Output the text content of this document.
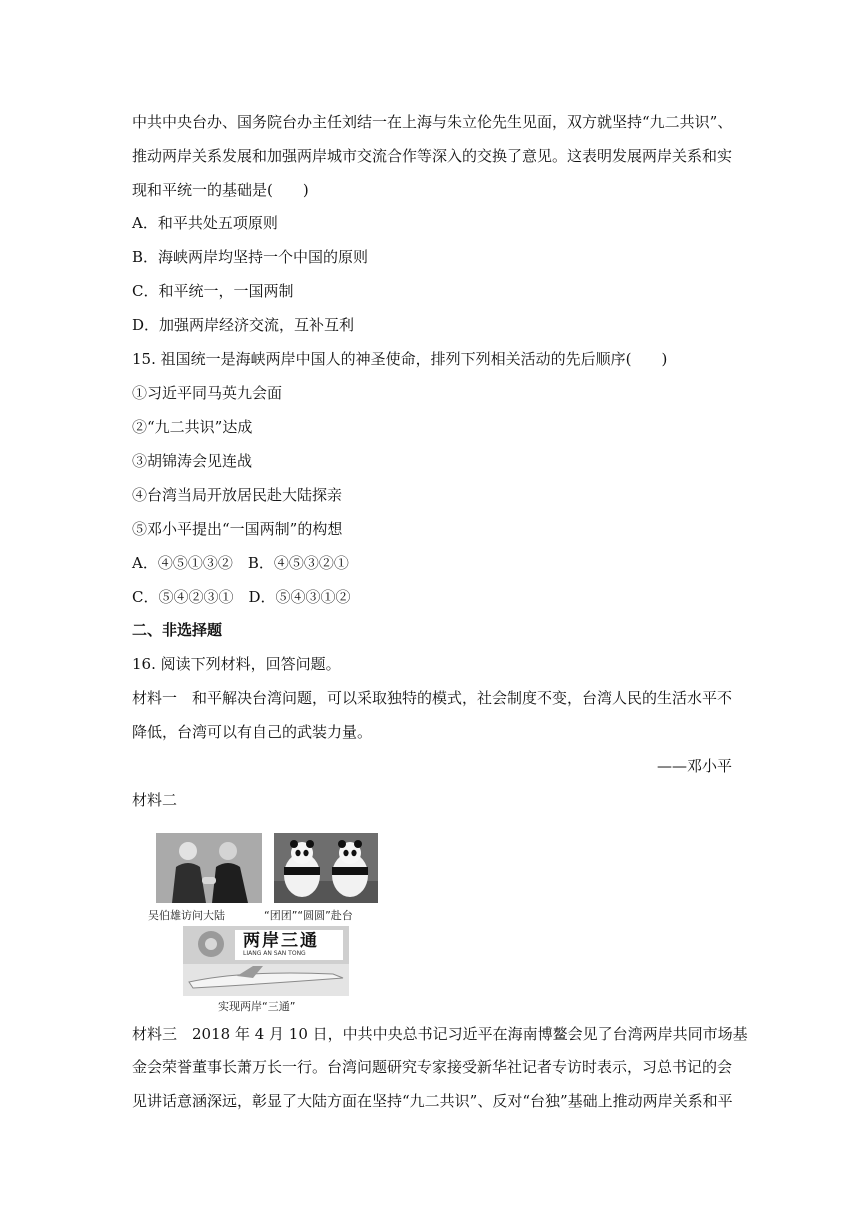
中共中央台办、国务院台办主任刘结一在上海与朱立伦先生见面，双方就坚持“九二共识”、
推动两岸关系发展和加强两岸城市交流合作等深入的交换了意见。这表明发展两岸关系和实
现和平统一的基础是(　　)
A．和平共处五项原则
B．海峡两岸均坚持一个中国的原则
C．和平统一，一国两制
D．加强两岸经济交流，互补互利
15. 祖国统一是海峡两岸中国人的神圣使命，排列下列相关活动的先后顺序(　　)
①习近平同马英九会面
②“九二共识”达成
③胡锦涛会见连战
④台湾当局开放居民赴大陆探亲
⑤邓小平提出“一国两制”的构想
A．④⑤①③②　B．④⑤③②①
C．⑤④②③①　D．⑤④③①②
二、非选择题
16. 阅读下列材料，回答问题。
材料一　和平解决台湾问题，可以采取独特的模式，社会制度不变，台湾人民的生活水平不
降低，台湾可以有自己的武装力量。
——邓小平
材料二
吴伯雄访问大陆	“团团”“圆圆”赴台
两岸三通
LIANG AN SAN TONG
实现两岸“三通”
材料三　2018 年 4 月 10 日，中共中央总书记习近平在海南博鳌会见了台湾两岸共同市场基
金会荣誉董事长萧万长一行。台湾问题研究专家接受新华社记者专访时表示，习总书记的会
见讲话意涵深远，彰显了大陆方面在坚持“九二共识”、反对“台独”基础上推动两岸关系和平
